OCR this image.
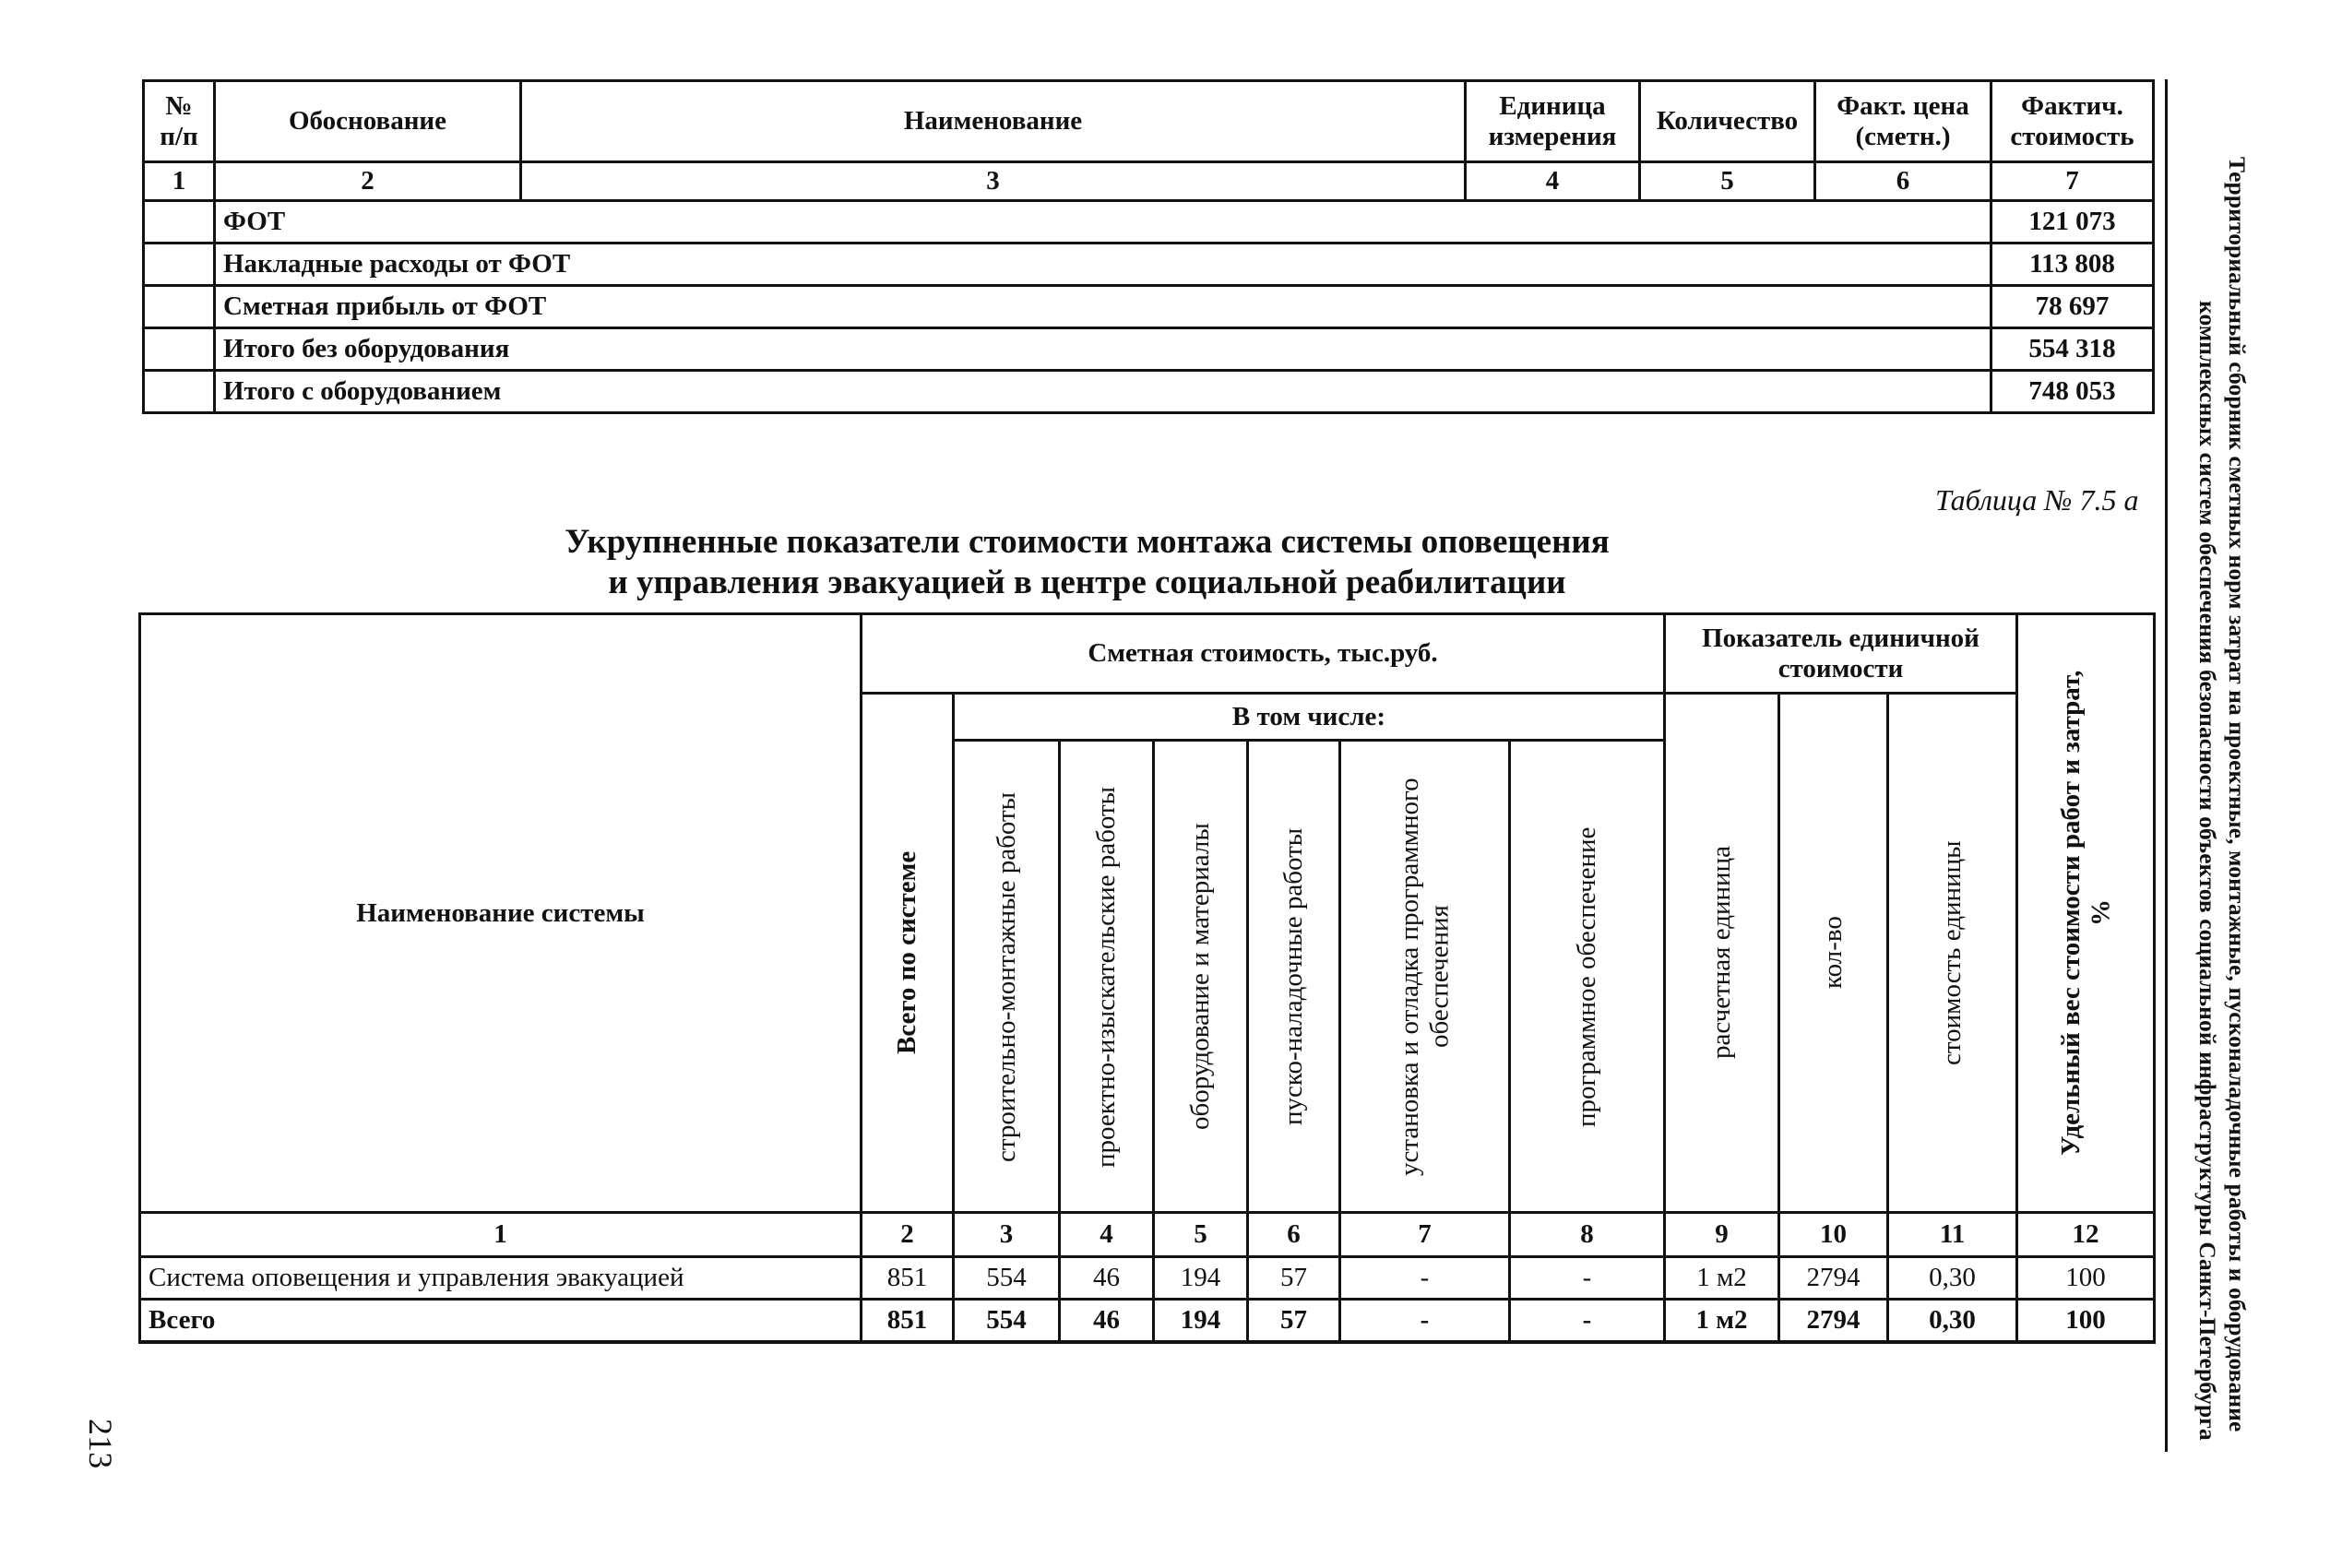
№ п/п	Обоснование	Наименование	Единица измерения	Количество	Факт. цена (сметн.)	Фактич. стоимость
1	2	3	4	5	6	7
	ФОТ					121 073
	Накладные расходы от ФОТ					113 808
	Сметная прибыль от ФОТ					78 697
	Итого без оборудования					554 318
	Итого с оборудованием					748 053
Таблица № 7.5 а
Укрупненные показатели стоимости монтажа системы оповещения
и управления эвакуацией в центре социальной реабилитации
Наименование системы	Сметная стоимость, тыс.руб.							Показатель единичной стоимости			Удельный вес стоимости работ и затрат, %

	Всего по системе	В том числе:						расчетная единица	кол-во	стоимость единицы	

		строительно-монтажные работы	проектно-изыскательские работы	оборудование и материалы	пуско-наладочные работы	установка и отладка программного обеспечения	программное обеспечение				

1	2	3	4	5	6	7	8	9	10	11	12
Система оповещения и управления эвакуацией	851	554	46	194	57	-	-	1 м2	2794	0,30	100
Всего	851	554	46	194	57	-	-	1 м2	2794	0,30	100
213
Территориальный сборник сметных норм затрат на проектные, монтажные, пусконаладочные работы и оборудование
комплексных систем обеспечения безопасности объектов социальной инфраструктуры Санкт-Петербурга
